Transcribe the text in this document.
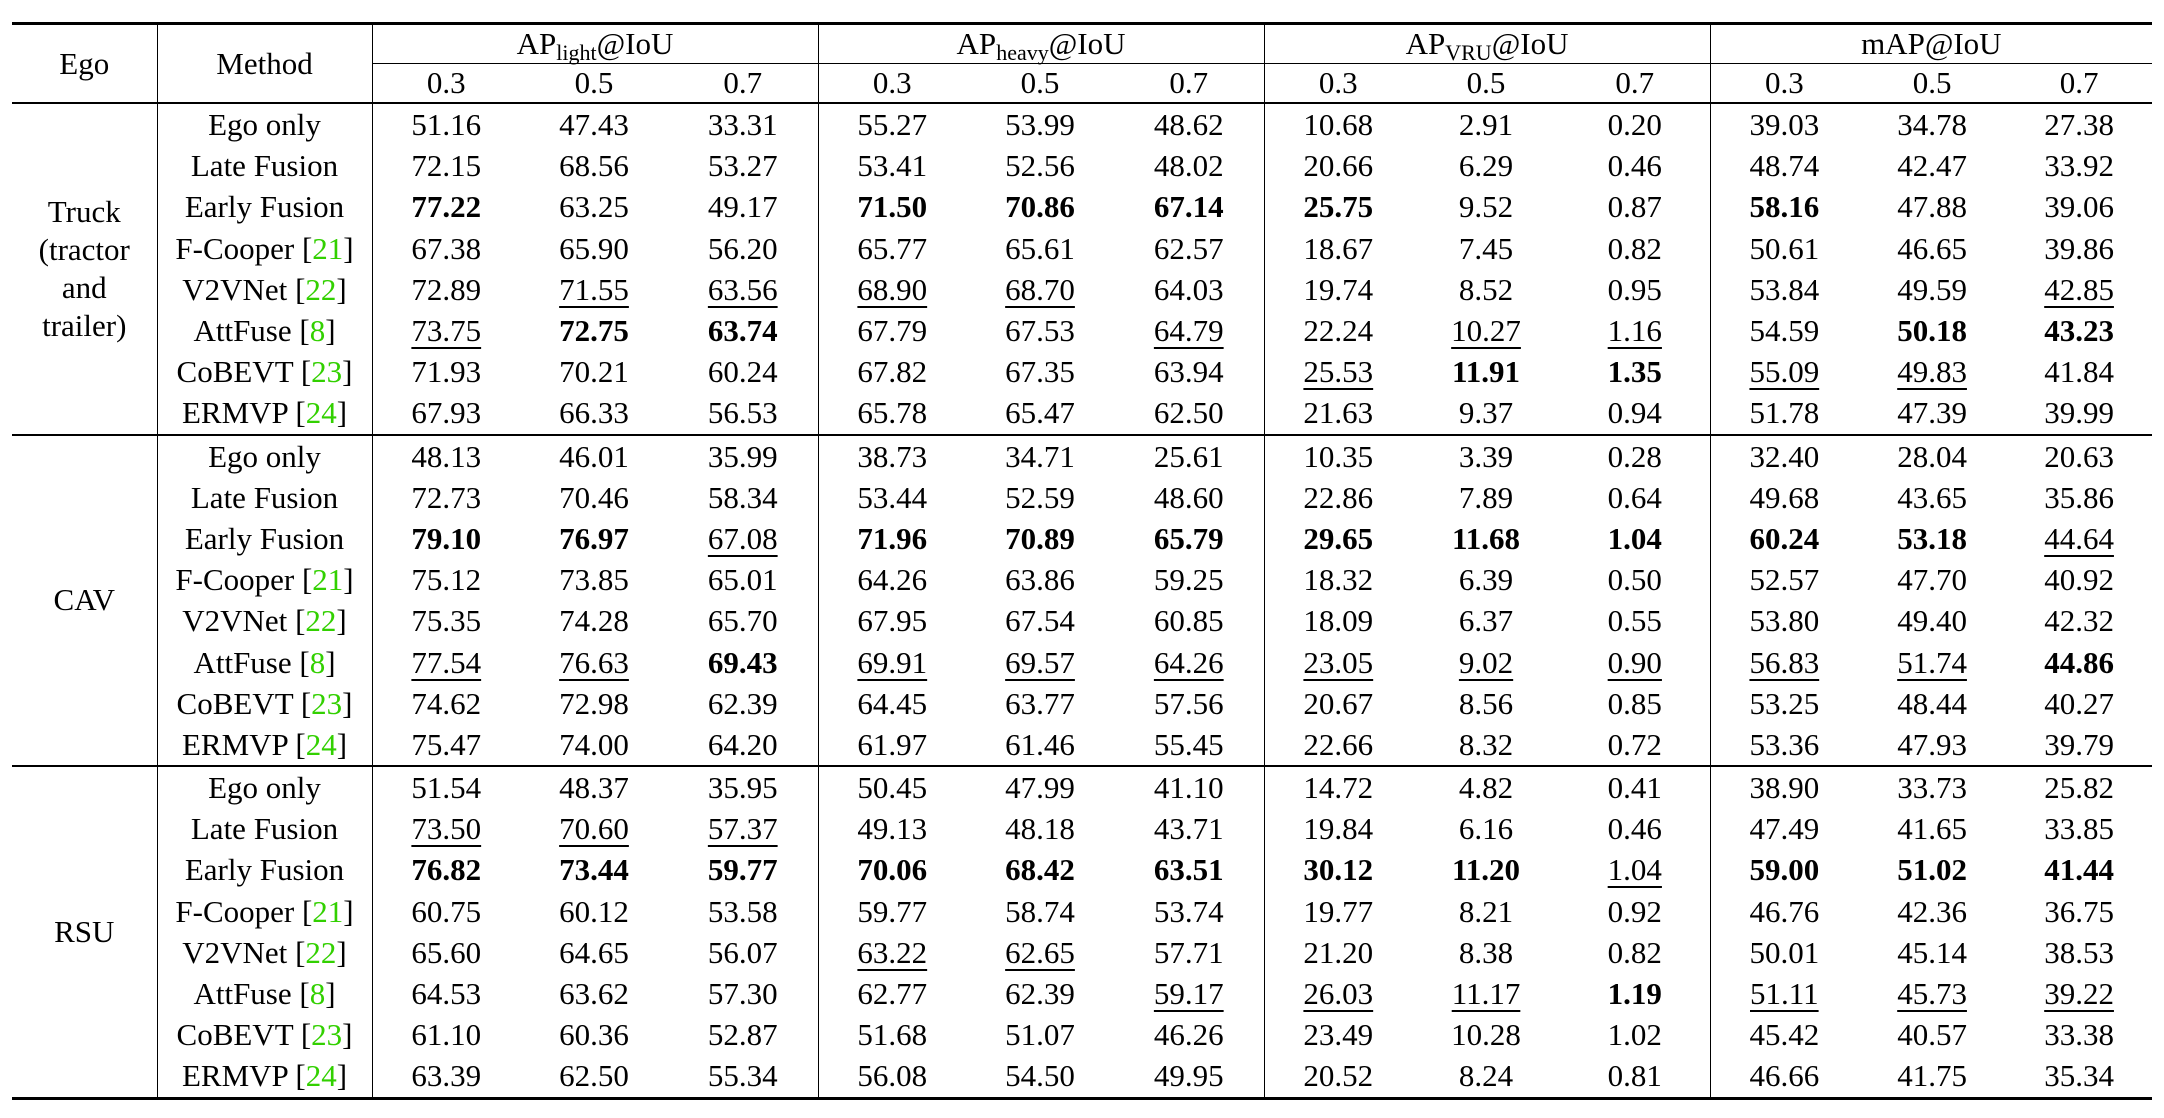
Ego	Method	$AP_{light}@IoU$			$AP_{heavy}@IoU$			$AP_{VRU}@IoU$			mAP@IoU		
		0.3	0.5	0.7	0.3	0.5	0.7	0.3	0.5	0.7	0.3	0.5	0.7

Truck
(tractor
and
trailer)	Ego only	51.16	47.43	33.31	55.27	53.99	48.62	10.68	2.91	0.20	39.03	34.78	27.38
	Late Fusion	72.15	68.56	53.27	53.41	52.56	48.02	20.66	6.29	0.46	48.74	42.47	33.92
	Early Fusion	77.22	63.25	49.17	71.50	70.86	67.14	25.75	9.52	0.87	58.16	47.88	39.06
	F-Cooper [21]	67.38	65.90	56.20	65.77	65.61	62.57	18.67	7.45	0.82	50.61	46.65	39.86
	V2VNet [22]	72.89	71.55	63.56	68.90	68.70	64.03	19.74	8.52	0.95	53.84	49.59	42.85
	AttFuse [8]	73.75	72.75	63.74	67.79	67.53	64.79	22.24	10.27	1.16	54.59	50.18	43.23
	CoBEVT [23]	71.93	70.21	60.24	67.82	67.35	63.94	25.53	11.91	1.35	55.09	49.83	41.84
	ERMVP [24]	67.93	66.33	56.53	65.78	65.47	62.50	21.63	9.37	0.94	51.78	47.39	39.99

CAV	Ego only	48.13	46.01	35.99	38.73	34.71	25.61	10.35	3.39	0.28	32.40	28.04	20.63
	Late Fusion	72.73	70.46	58.34	53.44	52.59	48.60	22.86	7.89	0.64	49.68	43.65	35.86
	Early Fusion	79.10	76.97	67.08	71.96	70.89	65.79	29.65	11.68	1.04	60.24	53.18	44.64
	F-Cooper [21]	75.12	73.85	65.01	64.26	63.86	59.25	18.32	6.39	0.50	52.57	47.70	40.92
	V2VNet [22]	75.35	74.28	65.70	67.95	67.54	60.85	18.09	6.37	0.55	53.80	49.40	42.32
	AttFuse [8]	77.54	76.63	69.43	69.91	69.57	64.26	23.05	9.02	0.90	56.83	51.74	44.86
	CoBEVT [23]	74.62	72.98	62.39	64.45	63.77	57.56	20.67	8.56	0.85	53.25	48.44	40.27
	ERMVP [24]	75.47	74.00	64.20	61.97	61.46	55.45	22.66	8.32	0.72	53.36	47.93	39.79

RSU	Ego only	51.54	48.37	35.95	50.45	47.99	41.10	14.72	4.82	0.41	38.90	33.73	25.82
	Late Fusion	73.50	70.60	57.37	49.13	48.18	43.71	19.84	6.16	0.46	47.49	41.65	33.85
	Early Fusion	76.82	73.44	59.77	70.06	68.42	63.51	30.12	11.20	1.04	59.00	51.02	41.44
	F-Cooper [21]	60.75	60.12	53.58	59.77	58.74	53.74	19.77	8.21	0.92	46.76	42.36	36.75
	V2VNet [22]	65.60	64.65	56.07	63.22	62.65	57.71	21.20	8.38	0.82	50.01	45.14	38.53
	AttFuse [8]	64.53	63.62	57.30	62.77	62.39	59.17	26.03	11.17	1.19	51.11	45.73	39.22
	CoBEVT [23]	61.10	60.36	52.87	51.68	51.07	46.26	23.49	10.28	1.02	45.42	40.57	33.38
	ERMVP [24]	63.39	62.50	55.34	56.08	54.50	49.95	20.52	8.24	0.81	46.66	41.75	35.34
